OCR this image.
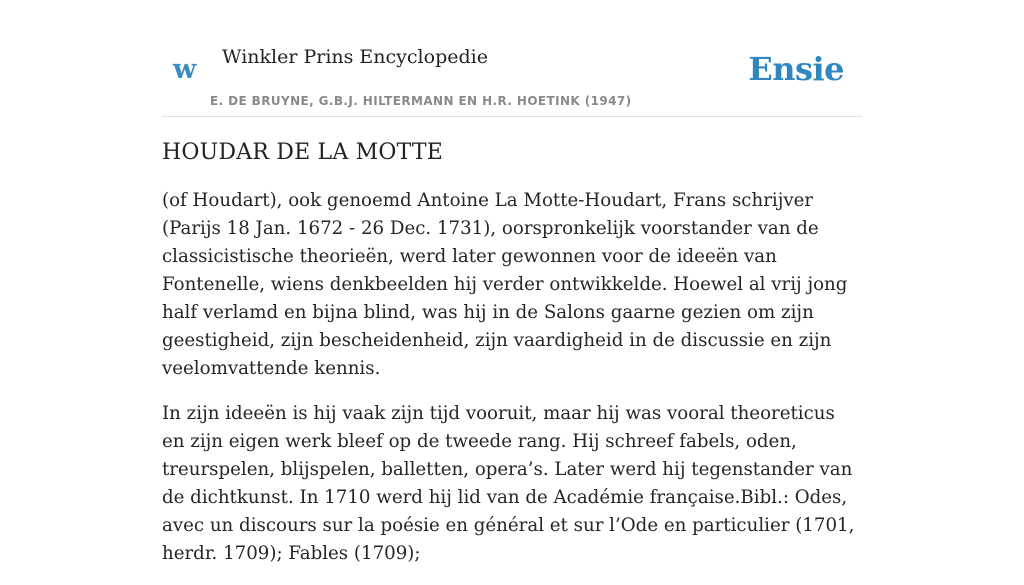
w Winkler Prins Encyclopedie
E. DE BRUYNE, G.B.J. HILTERMANN EN H.R. HOETINK (1947)
Ensie
HOUDAR DE LA MOTTE

(of Houdart), ook genoemd Antoine La Motte-Houdart, Frans schrijver (Parijs 18 Jan. 1672 - 26 Dec. 1731), oorspronkelijk voorstander van de classicistische theorieën, werd later gewonnen voor de ideeën van Fontenelle, wiens denkbeelden hij verder ontwikkelde. Hoewel al vrij jong half verlamd en bijna blind, was hij in de Salons gaarne gezien om zijn geestigheid, zijn bescheidenheid, zijn vaardigheid in de discussie en zijn veelomvattende kennis.

In zijn ideeën is hij vaak zijn tijd vooruit, maar hij was vooral theoreticus en zijn eigen werk bleef op de tweede rang. Hij schreef fabels, oden, treurspelen, blijspelen, balletten, opera’s. Later werd hij tegenstander van de dichtkunst. In 1710 werd hij lid van de Académie française.Bibl.: Odes, avec un discours sur la poésie en général et sur l’Ode en particulier (1701, herdr. 1709); Fables (1709);
